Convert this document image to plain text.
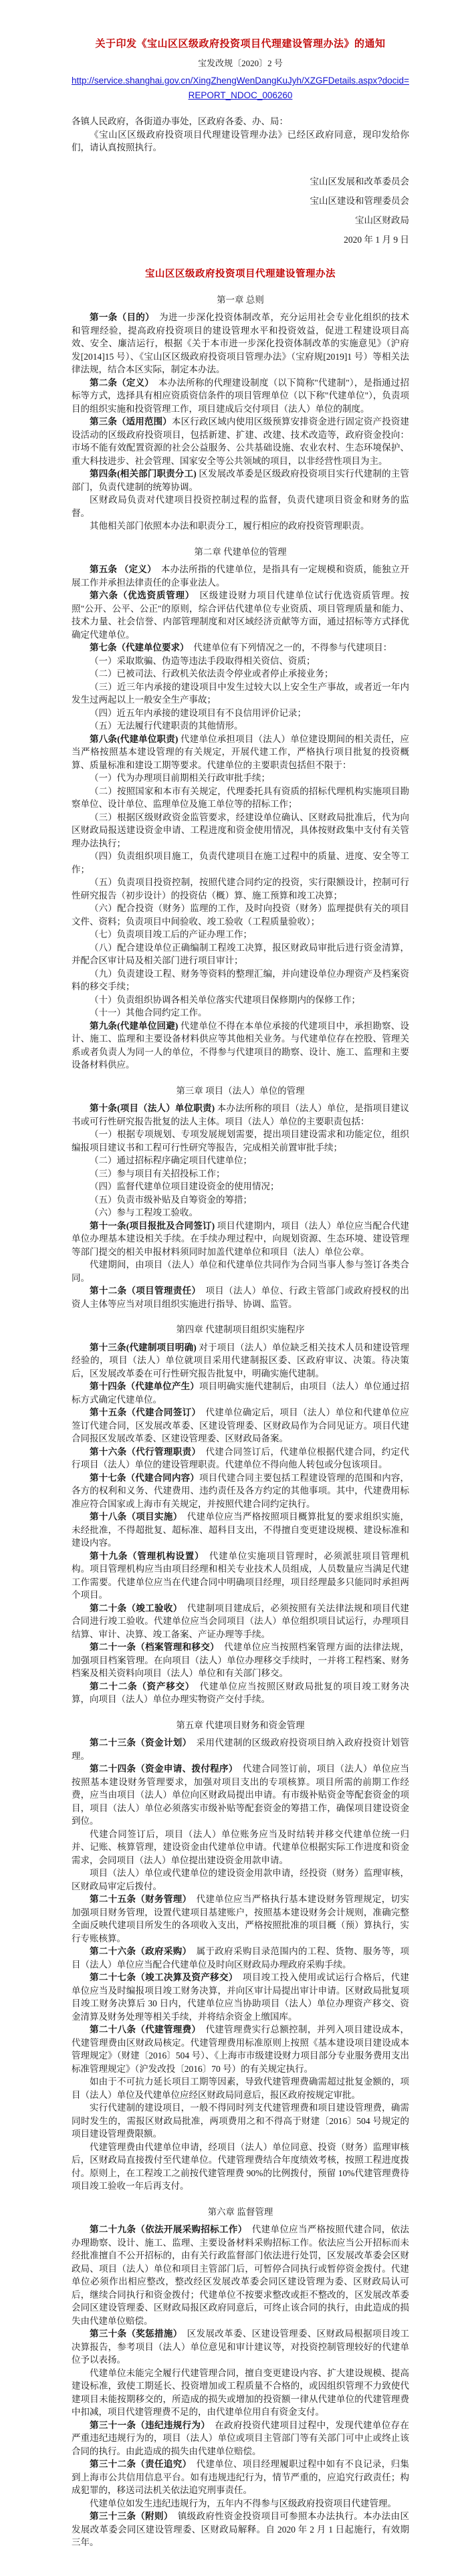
关于印发《宝山区区级政府投资项目代理建设管理办法》的通知
宝发改规〔2020〕2 号
http://service.shanghai.gov.cn/XingZhengWenDangKuJyh/XZGFDetails.aspx?docid=REPORT_NDOC_006260
各镇人民政府，各街道办事处，区政府各委、办、局：
《宝山区区级政府投资项目代理建设管理办法》已经区政府同意，现印发给你们，请认真按照执行。
宝山区发展和改革委员会
宝山区建设和管理委员会
宝山区财政局
2020 年 1 月 9 日
宝山区区级政府投资项目代理建设管理办法
第一章 总则
第一条（目的）　为进一步深化投资体制改革，充分运用社会专业化组织的技术和管理经验，提高政府投资项目的建设管理水平和投资效益，促进工程建设项目高效、安全、廉洁运行，根据《关于本市进一步深化投资体制改革的实施意见》（沪府发[2014]15 号）、《宝山区区级政府投资项目管理办法》（宝府规[2019]1 号）等相关法律法规，结合本区实际，制定本办法。
第二条（定义）　本办法所称的代理建设制度（以下简称"代建制"），是指通过招标等方式，选择具有相应资质资信条件的项目管理单位（以下称"代建单位"），负责项目的组织实施和投资管理工作，项目建成后交付项目（法人）单位的制度。
第三条（适用范围）本区行政区域内使用区级预算安排资金进行固定资产投资建设活动的区级政府投资项目，包括新建、扩建、改建、技术改造等，政府资金投向：市场不能有效配置资源的社会公益服务、公共基础设施、农业农村、生态环境保护、重大科技进步、社会管理、国家安全等公共领域的项目，以非经营性项目为主。
第四条(相关部门职责分工) 区发展改革委是区级政府投资项目实行代建制的主管部门，负责代建制的统筹协调。
区财政局负责对代建项目投资控制过程的监督，负责代建项目资金和财务的监督。
其他相关部门依照本办法和职责分工，履行相应的政府投资管理职责。
第二章 代建单位的管理
第五条 （定义）　本办法所指的代建单位，是指具有一定规模和资质，能独立开展工作并承担法律责任的企事业法人。
第六条（优选资质管理）　区级建设财力项目代建单位试行优选资质管理。按照"公开、公平、公正"的原则，综合评估代建单位专业资质、项目管理质量和能力、技术力量、社会信誉、内部管理制度和对区域经济贡献等方面，通过招标等方式择优确定代建单位。
第七条（代建单位要求）　代建单位有下列情况之一的，不得参与代建项目：
（一）采取欺骗、伪造等违法手段取得相关资信、资质；
（二）已被司法、行政机关依法责令停业或者停止承接业务；
（三）近三年内承接的建设项目中发生过较大以上安全生产事故，或者近一年内发生过两起以上一般安全生产事故；
（四）近五年内承接的建设项目有不良信用评价记录；
（五）无法履行代建职责的其他情形。
第八条(代建单位职责) 代建单位承担项目（法人）单位建设期间的相关责任，应当严格按照基本建设管理的有关规定，开展代建工作，严格执行项目批复的投资概算、质量标准和建设工期等要求。代建单位的主要职责包括但不限于：
（一）代为办理项目前期相关行政审批手续；
（二）按照国家和本市有关规定，代理委托具有资质的招标代理机构实施项目勘察单位、设计单位、监理单位及施工单位等的招标工作；
（三）根据区级财政资金监管要求，经建设单位确认、区财政局批准后，代为向区财政局报送建设资金申请、工程进度和资金使用情况，具体按财政集中支付有关管理办法执行；
（四）负责组织项目施工，负责代建项目在施工过程中的质量、进度、安全等工作；
（五）负责项目投资控制，按照代建合同约定的投资，实行限额设计，控制可行性研究报告（初步设计）的投资估（概）算、施工预算和竣工决算；
（六）配合投资（财务）监理的工作，及时向投资（财务）监理提供有关的项目文件、资料；负责项目中间验收、竣工验收（工程质量验收）；
（七）负责项目竣工后的产证办理工作；
（八）配合建设单位正确编制工程竣工决算，报区财政局审批后进行资金清算，并配合区审计局及相关部门进行项目审计；
（九）负责建设工程、财务等资料的整理汇编，并向建设单位办理资产及档案资料的移交手续；
（十）负责组织协调各相关单位落实代建项目保修期内的保修工作；
（十一）其他合同约定工作。
第九条(代建单位回避) 代建单位不得在本单位承接的代建项目中，承担勘察、设计、施工、监理和主要设备材料供应等其他相关业务。与代建单位存在控股、管理关系或者负责人为同一人的单位，不得参与代建项目的勘察、设计、施工、监理和主要设备材料供应。
第三章 项目（法人）单位的管理
第十条(项目（法人）单位职责) 本办法所称的项目（法人）单位，是指项目建议书或可行性研究报告批复的法人主体。项目（法人）单位的主要职责包括：
（一）根据专项规划、专项发展规划需要，提出项目建设需求和功能定位，组织编报项目建议书和工程可行性研究等报告，完成相关前置审批手续；
（二）通过招标程序确定项目代建单位；
（三）参与项目有关招投标工作；
（四）监督代建单位项目建设资金的使用情况；
（五）负责市级补贴及自筹资金的筹措；
（六）参与工程竣工验收。
第十一条(项目报批及合同签订) 项目代建期内，项目（法人）单位应当配合代建单位办理基本建设相关手续。在手续办理过程中，向规划资源、生态环境、建设管理等部门提交的相关申报材料须同时加盖代建单位和项目（法人）单位公章。
代建期间，由项目（法人）单位和代建单位共同作为合同当事人参与签订各类合同。
第十二条（项目管理责任）　项目（法人）单位、行政主管部门或政府授权的出资人主体等应当对项目组织实施进行指导、协调、监管。
第四章 代建制项目组织实施程序
第十三条(代建制项目明确) 对于项目（法人）单位缺乏相关技术人员和建设管理经验的，项目（法人）单位就项目采用代建制报区委、区政府审议、决策。待决策后，区发展改革委在可行性研究报告批复中，明确实施代建制。
第十四条（代建单位产生）项目明确实施代建制后，由项目（法人）单位通过招标方式确定代建单位。
第十五条（代建合同签订）　代建单位确定后，项目（法人）单位和代建单位应签订代建合同，区发展改革委、区建设管理委、区财政局作为合同见证方。项目代建合同报区发展改革委、区建设管理委、区财政局备案。
第十六条（代行管理职责）　代建合同签订后，代建单位根据代建合同，约定代行项目（法人）单位的建设管理职责。代建单位不得向他人转包或分包该项目。
第十七条（代建合同内容）项目代建合同主要包括工程建设管理的范围和内容，各方的权利和义务、代建费用、违约责任及各方约定的其他事项。其中，代建费用标准应符合国家或上海市有关规定，并按照代建合同约定执行。
第十八条（项目实施）　代建单位应当严格按照项目概算批复的要求组织实施，未经批准，不得超批复、超标准、超科目支出，不得擅自变更建设规模、建设标准和建设内容。
第十九条（管理机构设置）　代建单位实施项目管理时，必须派驻项目管理机构。项目管理机构应当由项目经理和相关专业技术人员组成，人员数量应当满足代建工作需要。代建单位应当在代建合同中明确项目经理，项目经理最多只能同时承担两个项目。
第二十条（竣工验收）　代建制项目建成后，必须按照有关法律法规和项目代建合同进行竣工验收。代建单位应当会同项目（法人）单位组织项目试运行，办理项目结算、审计、决算、竣工备案、产证办理等手续。
第二十一条（档案管理和移交）　代建单位应当按照档案管理方面的法律法规，加强项目档案管理。在向项目（法人）单位办理移交手续时，一并将工程档案、财务档案及相关资料向项目（法人）单位和有关部门移交。
第二十二条（资产移交）　代建单位应当按照区财政局批复的项目竣工财务决算，向项目（法人）单位办理实物资产交付手续。
第五章 代建项目财务和资金管理
第二十三条（资金计划）　采用代建制的区级政府投资项目纳入政府投资计划管理。
第二十四条（资金申请、拨付程序）　代建合同签订前，项目（法人）单位应当按照基本建设财务管理要求，加强对项目支出的专项核算。项目所需的前期工作经费，应当由项目（法人）单位向区财政局提出申请。有市级补贴资金等配套资金的项目，项目（法人）单位必须落实市级补贴等配套资金的筹措工作，确保项目建设资金到位。
代建合同签订后，项目（法人）单位账务应当及时结转并移交代建单位统一归并、记账、核算管理，建设资金由代建单位申请。代建单位根据实际工作进度和资金需求，会同项目（法人）单位提出建设资金用款申请。
项目（法人）单位或代建单位的建设资金用款申请，经投资（财务）监理审核，区财政局审定后拨付。
第二十五条（财务管理）　代建单位应当严格执行基本建设财务管理规定，切实加强项目财务管理，设置代建项目基建账户，按照基本建设财务会计规则，准确完整全面反映代建项目所发生的各项收入支出，严格按照批准的项目概（预）算执行，实行专账核算。
第二十六条（政府采购）　属于政府采购目录范围内的工程、货物、服务等，项目（法人）单位应当配合代建单位及时向区财政局办理政府采购手续。
第二十七条（竣工决算及资产移交）　项目竣工投入使用或试运行合格后，代建单位应当及时编报项目竣工财务决算，并向区审计局提出审计申请。区财政局批复项目竣工财务决算后 30 日内，代建单位应当协助项目（法人）单位办理资产移交、资金清算及财务处理等相关手续，并将结余资金上缴国库。
第二十八条（代建管理费）　代建管理费实行总额控制，并列入项目建设成本，代建管理费由区财政局核定。代建管理费用标准原则上按照《基本建设项目建设成本管理规定》（财建〔2016〕504 号）、《上海市市级建设财力项目部分专业服务费用支出标准管理规定》（沪发改投〔2016〕70 号）的有关规定执行。
如由于不可抗力延长项目工期等因素，导致代建管理费确需超过批复金额的，项目（法人）单位及代建单位应经区财政局同意后，报区政府按规定审批。
实行代建制的建设项目，一般不得同时列支代建管理费和项目建设管理费，确需同时发生的，需报区财政局批准，两项费用之和不得高于财建〔2016〕504 号规定的项目建设管理费限额。
代建管理费由代建单位申请，经项目（法人）单位同意、投资（财务）监理审核后，区财政局直接拨付至代建单位。代建管理费结合年度绩效考核，按照工程进度拨付。原则上，在工程竣工之前按代建管理费 90%的比例拨付，预留 10%代建管理费待项目竣工验收一年后再支付。
第六章 监督管理
第二十九条（依法开展采购招标工作）　代建单位应当严格按照代建合同，依法办理勘察、设计、施工、监理、主要设备材料采购招标工作。依法应当公开招标而未经批准擅自不公开招标的，由有关行政监督部门依法进行处罚，区发展改革委会区财政局、项目（法人）单位和项目主管部门后，可暂停合同执行或暂停资金拨付。代建单位必须作出相应整改，整改经区发展改革委会同区建设管理为委、区财政局认可后，继续合同执行和资金拨付；代建单位不按要求整改或拒不整改的，区发展改革委会同区建设管理委、区财政局报区政府同意后，可终止该合同的执行，由此造成的损失由代建单位赔偿。
第三十条（奖惩措施）　区发展改革委、区建设管理委、区财政局根据项目竣工决算报告，参考项目（法人）单位意见和审计建议等，对投资控制管理较好的代建单位予以表扬。
代建单位未能完全履行代建管理合同，擅自变更建设内容、扩大建设规模、提高建设标准，致使工期延长、投资增加或工程质量不合格的，或因组织管理不力致使代建项目未能按期移交的，所造成的损失或增加的投资额一律从代建单位的代建管理费中扣减，项目代建管理费不足的，由代建单位用自有资金支付。
第三十一条（违纪违规行为）　在政府投资代建项目过程中，发现代建单位存在严重违纪违规行为的，项目（法人）单位或项目主管部门等有关部门可中止或终止该合同的执行。由此造成的损失由代建单位赔偿。
第三十二条（责任追究）　代建单位、项目经理履职过程中如有不良记录，归集到上海市公共信用信息平台。如有违规违纪行为，情节严重的，应追究行政责任；构成犯罪的，移送司法机关依法追究刑事责任。
代建单位如发生违纪违规行为，五年内不得参与区级政府投资项目代建管理。
第三十三条（附则）　镇级政府性资金投资项目可参照本办法执行。本办法由区发展改革委会同区建设管理委、区财政局解释。自 2020 年 2 月 1 日起施行，有效期三年。
